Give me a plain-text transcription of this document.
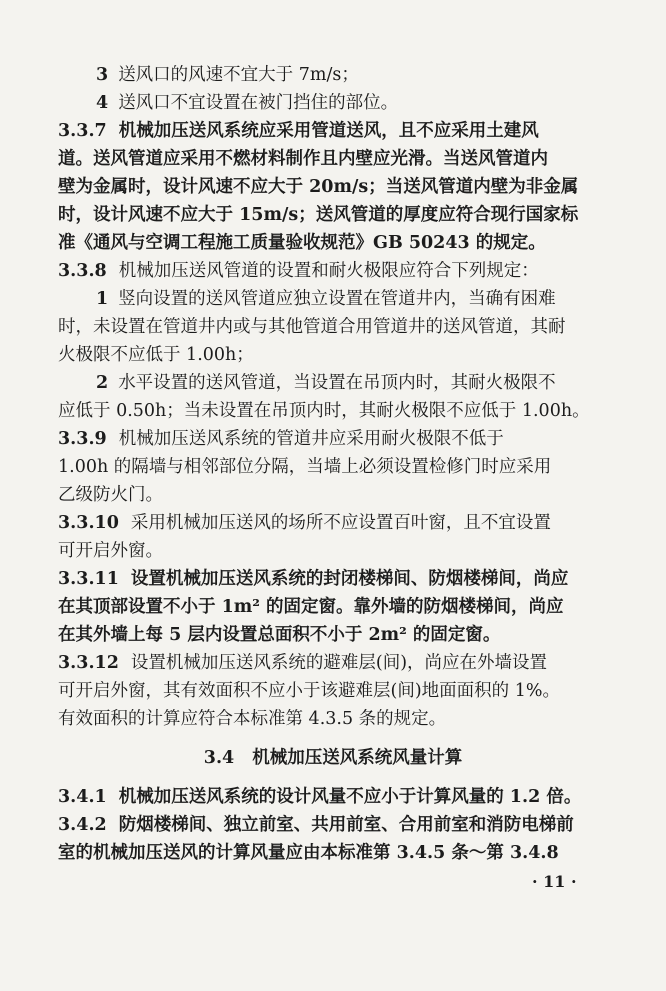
3 送风口的风速不宜大于 7m/s；
4 送风口不宜设置在被门挡住的部位。
3.3.7 机械加压送风系统应采用管道送风，且不应采用土建风
道。送风管道应采用不燃材料制作且内壁应光滑。当送风管道内
壁为金属时，设计风速不应大于 20m/s；当送风管道内壁为非金属
时，设计风速不应大于 15m/s；送风管道的厚度应符合现行国家标
准《通风与空调工程施工质量验收规范》GB 50243 的规定。
3.3.8 机械加压送风管道的设置和耐火极限应符合下列规定：
1 竖向设置的送风管道应独立设置在管道井内，当确有困难
时，未设置在管道井内或与其他管道合用管道井的送风管道，其耐
火极限不应低于 1.00h；
2 水平设置的送风管道，当设置在吊顶内时，其耐火极限不
应低于 0.50h；当未设置在吊顶内时，其耐火极限不应低于 1.00h。
3.3.9 机械加压送风系统的管道井应采用耐火极限不低于
1.00h 的隔墙与相邻部位分隔，当墙上必须设置检修门时应采用
乙级防火门。
3.3.10 采用机械加压送风的场所不应设置百叶窗，且不宜设置
可开启外窗。
3.3.11 设置机械加压送风系统的封闭楼梯间、防烟楼梯间，尚应
在其顶部设置不小于 1m² 的固定窗。靠外墙的防烟楼梯间，尚应
在其外墙上每 5 层内设置总面积不小于 2m² 的固定窗。
3.3.12 设置机械加压送风系统的避难层(间)，尚应在外墙设置
可开启外窗，其有效面积不应小于该避难层(间)地面面积的 1%。
有效面积的计算应符合本标准第 4.3.5 条的规定。
3.4 机械加压送风系统风量计算
3.4.1 机械加压送风系统的设计风量不应小于计算风量的 1.2 倍。
3.4.2 防烟楼梯间、独立前室、共用前室、合用前室和消防电梯前
室的机械加压送风的计算风量应由本标准第 3.4.5 条～第 3.4.8
· 11 ·
